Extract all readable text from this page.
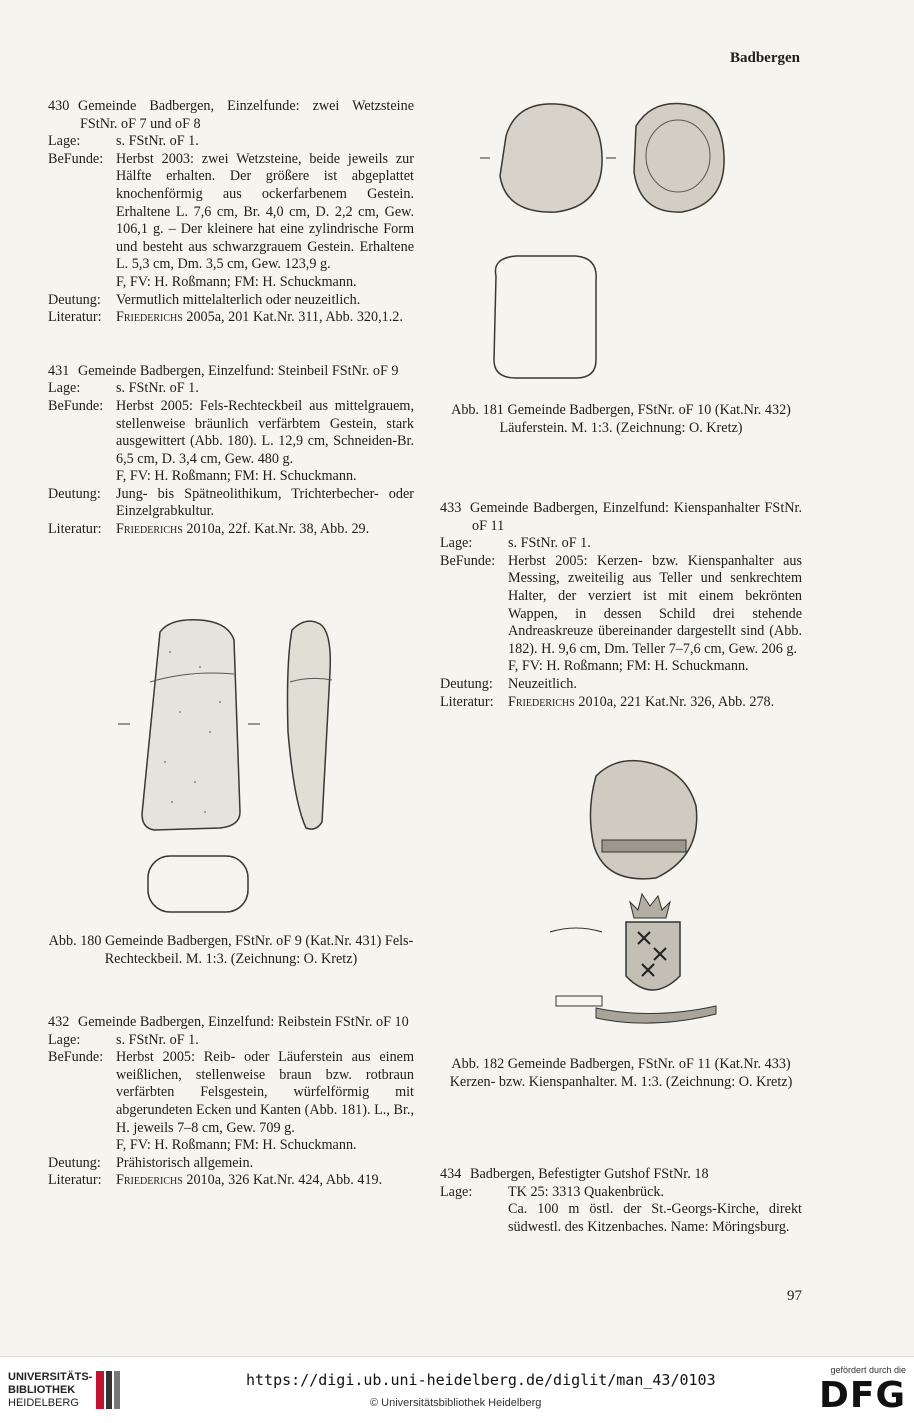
Badbergen
430 Gemeinde Badbergen, Einzelfunde: zwei Wetzsteine FStNr. oF 7 und oF 8
Lage:	s. FStNr. oF 1.
BeFunde: Herbst 2003: zwei Wetzsteine, beide jeweils zur Hälfte erhalten. Der größere ist abgeplattet knochenförmig aus ockerfarbenem Gestein. Erhaltene L. 7,6 cm, Br. 4,0 cm, D. 2,2 cm, Gew. 106,1 g. – Der kleinere hat eine zylindrische Form und besteht aus schwarzgrauem Gestein. Erhaltene L. 5,3 cm, Dm. 3,5 cm, Gew. 123,9 g.
F, FV: H. Roßmann; FM: H. Schuckmann.
Deutung:	Vermutlich mittelalterlich oder neuzeitlich.
Literatur:	Friederichs 2005a, 201 Kat.Nr. 311, Abb. 320,1.2.
431 Gemeinde Badbergen, Einzelfund: Steinbeil FStNr. oF 9
Lage:	s. FStNr. oF 1.
BeFunde: Herbst 2005: Fels-Rechteckbeil aus mittelgrauem, stellenweise bräunlich verfärbtem Gestein, stark ausgewittert (Abb. 180). L. 12,9 cm, Schneiden-Br. 6,5 cm, D. 3,4 cm, Gew. 480 g.
F, FV: H. Roßmann; FM: H. Schuckmann.
Deutung:	Jung- bis Spätneolithikum, Trichterbecher- oder Einzelgrabkultur.
Literatur:	Friederichs 2010a, 22f. Kat.Nr. 38, Abb. 29.
Abb. 180 Gemeinde Badbergen, FStNr. oF 9 (Kat.Nr. 431) Fels-Rechteckbeil. M. 1:3. (Zeichnung: O. Kretz)
432 Gemeinde Badbergen, Einzelfund: Reibstein FStNr. oF 10
Lage:	s. FStNr. oF 1.
BeFunde: Herbst 2005: Reib- oder Läuferstein aus einem weißlichen, stellenweise braun bzw. rotbraun verfärbten Felsgestein, würfelförmig mit abgerundeten Ecken und Kanten (Abb. 181). L., Br., H. jeweils 7–8 cm, Gew. 709 g.
F, FV: H. Roßmann; FM: H. Schuckmann.
Deutung:	Prähistorisch allgemein.
Literatur:	Friederichs 2010a, 326 Kat.Nr. 424, Abb. 419.
Abb. 181 Gemeinde Badbergen, FStNr. oF 10 (Kat.Nr. 432) Läuferstein. M. 1:3. (Zeichnung: O. Kretz)
433 Gemeinde Badbergen, Einzelfund: Kienspanhalter FStNr. oF 11
Lage:	s. FStNr. oF 1.
BeFunde: Herbst 2005: Kerzen- bzw. Kienspanhalter aus Messing, zweiteilig aus Teller und senkrechtem Halter, der verziert ist mit einem bekrönten Wappen, in dessen Schild drei stehende Andreaskreuze übereinander dargestellt sind (Abb. 182). H. 9,6 cm, Dm. Teller 7–7,6 cm, Gew. 206 g.
F, FV: H. Roßmann; FM: H. Schuckmann.
Deutung:	Neuzeitlich.
Literatur:	Friederichs 2010a, 221 Kat.Nr. 326, Abb. 278.
Abb. 182 Gemeinde Badbergen, FStNr. oF 11 (Kat.Nr. 433) Kerzen- bzw. Kienspanhalter. M. 1:3. (Zeichnung: O. Kretz)
434 Badbergen, Befestigter Gutshof FStNr. 18
Lage:	TK 25: 3313 Quakenbrück.
Ca. 100 m östl. der St.-Georgs-Kirche, direkt südwestl. des Kitzenbaches. Name: Möringsburg.
97
UNIVERSITÄTS-
BIBLIOTHEK
HEIDELBERG
https://digi.ub.uni-heidelberg.de/diglit/man_43/0103
© Universitätsbibliothek Heidelberg
gefördert durch die
DFG
